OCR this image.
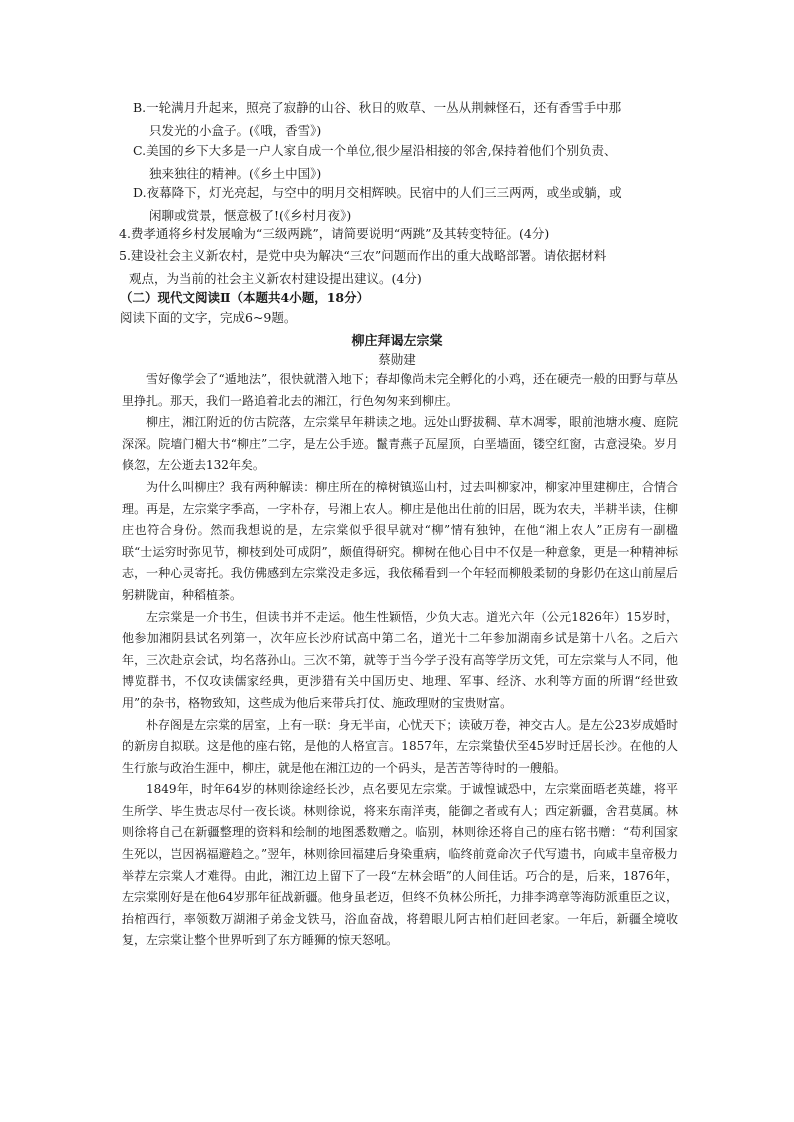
B.一轮满月升起来，照亮了寂静的山谷、秋日的败草、一丛从荆棘怪石，还有香雪手中那
只发光的小盒子。(《哦，香雪》)
C.美国的乡下大多是一户人家自成一个单位,很少屋沿相接的邻舍,保持着他们个别负责、
独来独往的精神。(《乡土中国》)
D.夜幕降下，灯光亮起，与空中的明月交相辉映。民宿中的人们三三两两，或坐或躺，或
闲聊或赏景，惬意极了!(《乡村月夜》)
4.费孝通将乡村发展喻为“三级两跳”，请简要说明“两跳”及其转变特征。(4分)
5.建设社会主义新农村，是党中央为解决“三农”问题而作出的重大战略部署。请依据材料
观点，为当前的社会主义新农村建设提出建议。(4分)
（二）现代文阅读Ⅱ（本题共4小题，18分）
阅读下面的文字，完成6~9题。
柳庄拜谒左宗棠
蔡勋建

雪好像学会了“遁地法”，很快就潜入地下；春却像尚未完全孵化的小鸡，还在硬壳一般的田野与草丛里挣扎。那天，我们一路追着北去的湘江，行色匆匆来到柳庄。

柳庄，湘江附近的仿古院落，左宗棠早年耕读之地。远处山野拔稠、草木凋零，眼前池塘水瘦、庭院深深。院墙门楣大书“柳庄”二字，是左公手迹。鬣青燕子瓦屋顶，白垩墙面，镂空红窗，古意浸染。岁月倏忽，左公逝去132年矣。

为什么叫柳庄？我有两种解读：柳庄所在的樟树镇巡山村，过去叫柳家冲，柳家冲里建柳庄，合情合理。再是，左宗棠字季高，一字朴存，号湘上农人。柳庄是他出仕前的旧居，既为农夫，半耕半读，住柳庄也符合身份。然而我想说的是，左宗棠似乎很早就对“柳”情有独钟，在他“湘上农人”正房有一副楹联“士运穷时弥见节，柳枝到处可成阴”，颇值得研究。柳树在他心目中不仅是一种意象，更是一种精神标志，一种心灵寄托。我仿佛感到左宗棠没走多远，我依稀看到一个年轻而柳般柔韧的身影仍在这山前屋后躬耕陇亩，种稻植茶。

左宗棠是一介书生，但读书并不走运。他生性颖悟，少负大志。道光六年（公元1826年）15岁时，他参加湘阴县试名列第一，次年应长沙府试高中第二名，道光十二年参加湖南乡试是第十八名。之后六年，三次赴京会试，均名落孙山。三次不第，就等于当今学子没有高等学历文凭，可左宗棠与人不同，他博览群书，不仅攻读儒家经典，更涉猎有关中国历史、地理、军事、经济、水利等方面的所谓“经世致用”的杂书，格物致知，这些成为他后来带兵打仗、施政理财的宝贵财富。

朴存阁是左宗棠的居室，上有一联：身无半亩，心忧天下；读破万卷，神交古人。是左公23岁成婚时的新房自拟联。这是他的座右铭，是他的人格宣言。1857年，左宗棠蛰伏至45岁时迁居长沙。在他的人生行旅与政治生涯中，柳庄，就是他在湘江边的一个码头，是苦苦等待时的一艘船。

1849年，时年64岁的林则徐途经长沙，点名要见左宗棠。于诚惶诚恐中，左宗棠面晤老英雄，将平生所学、毕生贵志尽付一夜长谈。林则徐说，将来东南洋夷，能御之者或有人；西定新疆，舍君莫属。林则徐将自己在新疆整理的资料和绘制的地图悉数赠之。临别，林则徐还将自己的座右铭书赠：“苟利国家生死以，岂因祸福避趋之。”翌年，林则徐回福建后身染重病，临终前竟命次子代写遗书，向咸丰皇帝极力举荐左宗棠人才难得。由此，湘江边上留下了一段“左林会晤”的人间佳话。巧合的是，后来，1876年，左宗棠刚好是在他64岁那年征战新疆。他身虽老迈，但终不负林公所托，力排李鸿章等海防派重臣之议，抬棺西行，率领数万湖湘子弟金戈铁马，浴血奋战，将碧眼儿阿古柏们赶回老家。一年后，新疆全境收复，左宗棠让整个世界听到了东方睡狮的惊天怒吼。
